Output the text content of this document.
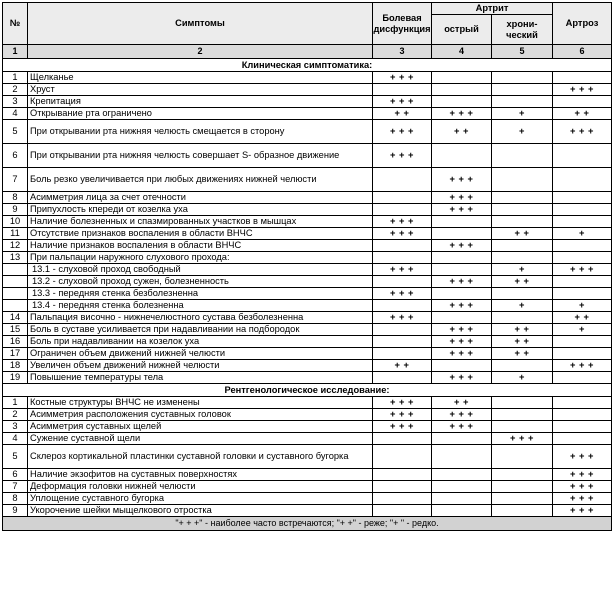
№	Симптомы	Болевая дисфункция	Артрит		Артроз
			острый	хрони-ческий	
1	2	3	4	5	6
Клиническая симптоматика:					
1	Щелканье	+ + +			
2	Хруст				+ + +
3	Крепитация	+ + +			
4	Открывание рта ограничено	+ +	+ + +	+	+ +
5	При открывании рта нижняя челюсть смещается в сторону	+ + +	+ +	+	+ + +
6	При открывании рта нижняя челюсть совершает S- образное движение	+ + +			
7	Боль резко увеличивается при любых движениях нижней челюсти		+ + +		
8	Асимметрия лица за счет отечности		+ + +		
9	Припухлость кпереди от козелка уха		+ + +		
10	Наличие болезненных и спазмированных участков в мышцах	+ + +			
11	Отсутствие признаков воспаления в области ВНЧС	+ + +		+ +	+
12	Наличие признаков воспаления в области ВНЧС		+ + +		
13	При пальпации наружного слухового прохода:				
	13.1 - слуховой проход свободный	+ + +		+	+ + +
	13.2 - слуховой проход сужен, болезненность		+ + +	+ +	
	13.3 - передняя стенка безболезненна	+ + +			
	13.4 - передняя стенка болезненна		+ + +	+	+
14	Пальпация височно - нижнечелюстного сустава безболезненна	+ + +			+ +
15	Боль в суставе усиливается при надавливании на подбородок		+ + +	+ +	+
16	Боль при надавливании на козелок уха		+ + +	+ +	
17	Ограничен объем движений нижней челюсти		+ + +	+ +	
18	Увеличен объем движений нижней челюсти	+ +			+ + +
19	Повышение температуры тела		+ + +	+	
Рентгенологическое исследование:					
1	Костные структуры ВНЧС не изменены	+ + +	+ +		
2	Асимметрия расположения суставных головок	+ + +	+ + +		
3	Асимметрия суставных щелей	+ + +	+ + +		
4	Сужение суставной щели			+ + +	
5	Склероз кортикальной пластинки суставной головки и суставного бугорка				+ + +
6	Наличие экзофитов на суставных поверхностях				+ + +
7	Деформация головки нижней челюсти				+ + +
8	Уплощение суставного бугорка				+ + +
9	Укорочение шейки мыщелкового отростка				+ + +
"+ + +" - наиболее часто встречаются; "+ +" - реже; "+ " - редко.					
